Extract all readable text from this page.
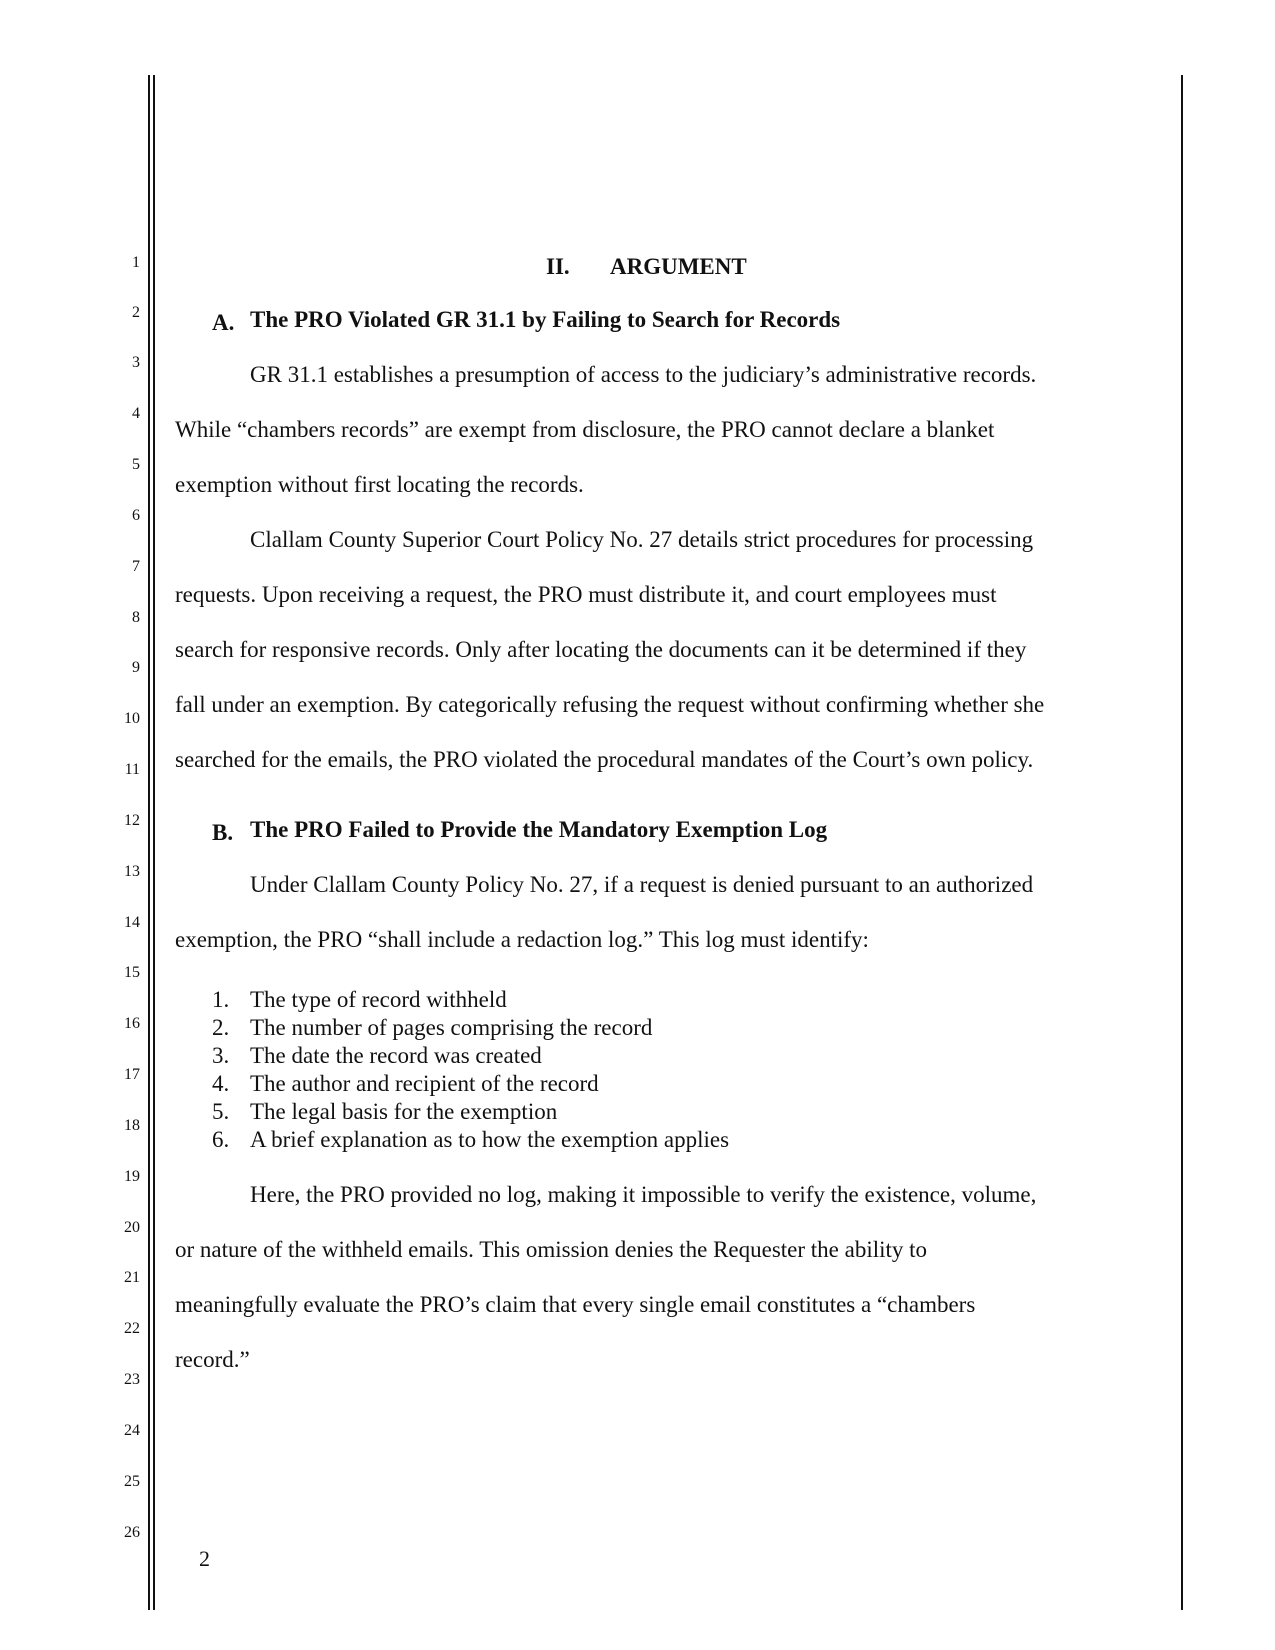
1
2
3
4
5
6
7
8
9
10
11
12
13
14
15
16
17
18
19
20
21
22
23
24
25
26
II. ARGUMENT
A. The PRO Violated GR 31.1 by Failing to Search for Records
GR 31.1 establishes a presumption of access to the judiciary’s administrative records.
While “chambers records” are exempt from disclosure, the PRO cannot declare a blanket
exemption without first locating the records.
Clallam County Superior Court Policy No. 27 details strict procedures for processing
requests. Upon receiving a request, the PRO must distribute it, and court employees must
search for responsive records. Only after locating the documents can it be determined if they
fall under an exemption. By categorically refusing the request without confirming whether she
searched for the emails, the PRO violated the procedural mandates of the Court’s own policy.
B. The PRO Failed to Provide the Mandatory Exemption Log
Under Clallam County Policy No. 27, if a request is denied pursuant to an authorized
exemption, the PRO “shall include a redaction log.” This log must identify:
1. The type of record withheld
2. The number of pages comprising the record
3. The date the record was created
4. The author and recipient of the record
5. The legal basis for the exemption
6. A brief explanation as to how the exemption applies
Here, the PRO provided no log, making it impossible to verify the existence, volume,
or nature of the withheld emails. This omission denies the Requester the ability to
meaningfully evaluate the PRO’s claim that every single email constitutes a “chambers
record.”
2
